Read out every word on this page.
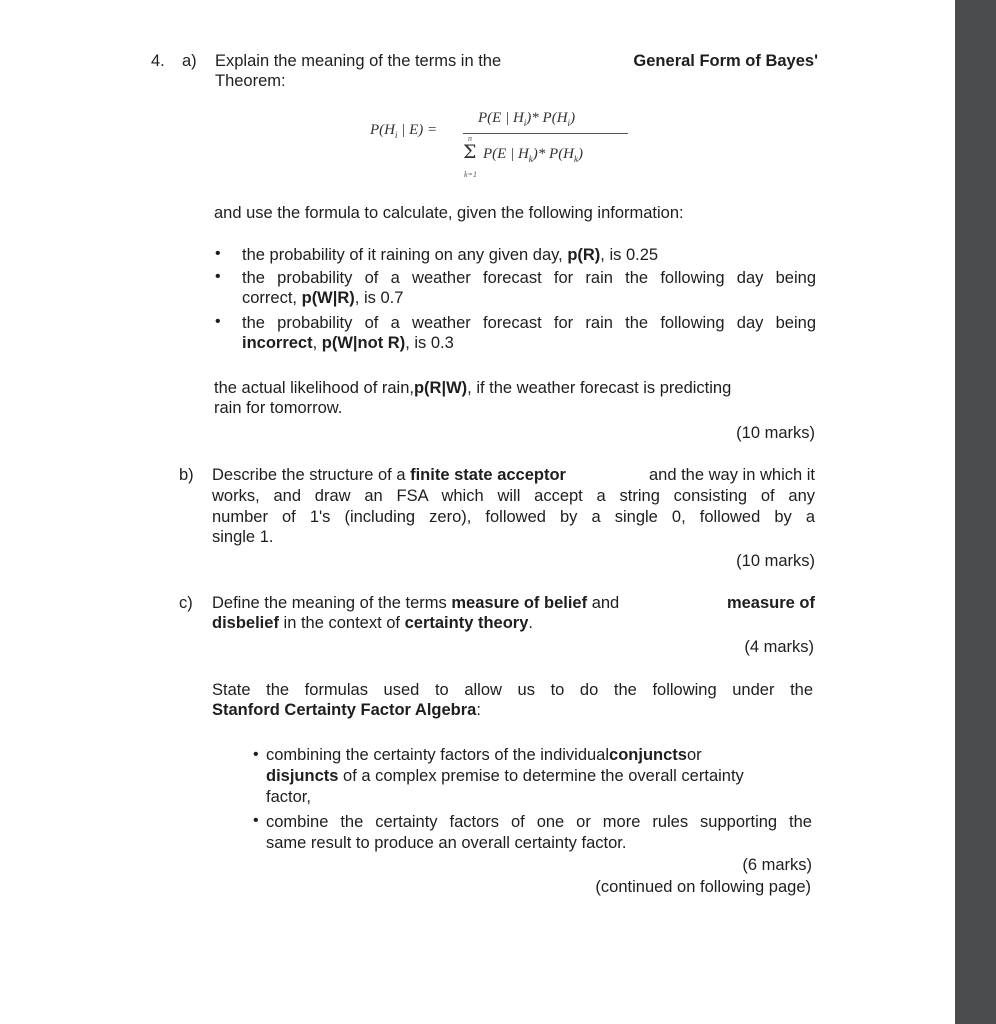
4. a) Explain the meaning of the terms in the	General Form of Bayes'
Theorem:
$P(H_i$ | E) =
P(E | $H_i)*$ $P(H_i)$
n
Σ
k=1
P(E | $H_k)*$ $P(H_k)$
and use the formula to calculate, given the following information:
• the probability of it raining on any given day, p(R), is 0.25
• the probability of a weather forecast for rain the following day being
correct, p(W|R), is 0.7
• the probability of a weather forecast for rain the following day being
incorrect, p(W|not R), is 0.3
the actual likelihood of rain, p(R|W) , if the weather forecast is predicting
rain for tomorrow.
(10 marks)
b) Describe the structure of a finite state acceptor	and the way in which it
works, and draw an FSA which will accept a string consisting of any
number of 1's (including zero), followed by a single 0, followed by a
single 1.
(10 marks)
c) Define the meaning of the terms measure of belief and	measure of
disbelief in the context of certainty theory.
(4 marks)
State the formulas used to allow us to do the following under the
Stanford Certainty Factor Algebra:
• combining the certainty factors of the individual conjuncts or
disjuncts of a complex premise to determine the overall certainty
factor,
• combine the certainty factors of one or more rules supporting the
same result to produce an overall certainty factor.
(6 marks)
(continued on following page)
